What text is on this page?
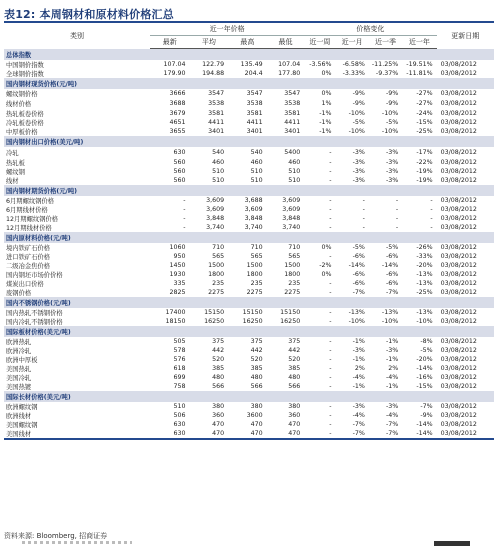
表12: 本周钢材和原材料价格汇总
类别	近一年价格				价格变化				更新日期
	最新	平均	最高	最低	近一周	近一月	近一季	近一年	
总体指数									
中国钢价指数	107.04	122.79	135.49	107.04	-3.56%	-6.58%	-11.25%	-19.51%	03/08/2012
全球钢价指数	179.90	194.88	204.4	177.80	0%	-3.33%	-9.37%	-11.81%	03/08/2012
国内钢材现货价格(元/吨)									
螺纹钢价格	3666	3547	3547	3547	0%	-9%	-9%	-27%	03/08/2012
线材价格	3688	3538	3538	3538	1%	-9%	-9%	-27%	03/08/2012
热轧板卷价格	3679	3581	3581	3581	-1%	-10%	-10%	-24%	03/08/2012
冷轧板卷价格	4651	4411	4411	4411	-1%	-5%	-5%	-15%	03/08/2012
中厚板价格	3655	3401	3401	3401	-1%	-10%	-10%	-25%	03/08/2012
国内钢材出口价格(美元/吨)									
冷轧	630	540	540	5400	-	-3%	-3%	-17%	03/08/2012
热轧板	560	460	460	460	-	-3%	-3%	-22%	03/08/2012
螺纹钢	560	510	510	510	-	-3%	-3%	-19%	03/08/2012
线材	560	510	510	510	-	-3%	-3%	-19%	03/08/2012
国内钢材期货价格(元/吨)									
6月期螺纹钢价格	-	3,609	3,688	3,609	-	-	-	-	03/08/2012
6月期线材价格	-	3,609	3,609	3,609	-	-	-	-	03/08/2012
12月期螺纹钢价格	-	3,848	3,848	3,848	-	-	-	-	03/08/2012
12月期线材价格	-	3,740	3,740	3,740	-	-	-	-	03/08/2012
国内原材料价格(元/吨)									
境内铁矿石价格	1060	710	710	710	0%	-5%	-5%	-26%	03/08/2012
进口铁矿石价格	950	565	565	565	-	-6%	-6%	-33%	03/08/2012
二级冶金焦价格	1450	1500	1500	1500	-2%	-14%	-14%	-20%	03/08/2012
国内钢坯市场价价格	1930	1800	1800	1800	0%	-6%	-6%	-13%	03/08/2012
煤炭出口价格	335	235	235	235	-	-6%	-6%	-13%	03/08/2012
废钢价格	2825	2275	2275	2275	-	-7%	-7%	-25%	03/08/2012
国内不锈钢价格(元/吨)									
国内热轧不锈钢价格	17400	15150	15150	15150	-	-13%	-13%	-13%	03/08/2012
国内冷轧不锈钢价格	18150	16250	16250	16250	-	-10%	-10%	-10%	03/08/2012
国际板材价格(美元/吨)									
欧洲热轧	505	375	375	375	-	-1%	-1%	-8%	03/08/2012
欧洲冷轧	578	442	442	442	-	-3%	-3%	-5%	03/08/2012
欧洲中厚板	576	520	520	520	-	-1%	-1%	-20%	03/08/2012
美国热轧	618	385	385	385	-	2%	2%	-14%	03/08/2012
美国冷轧	699	480	480	480	-	-4%	-4%	-16%	03/08/2012
美国热镀	758	566	566	566	-	-1%	-1%	-15%	03/08/2012
国际长材价格(美元/吨)									
欧洲螺纹钢	510	380	380	380	-	-3%	-3%	-7%	03/08/2012
欧洲线材	506	360	3600	360	-	-4%	-4%	-9%	03/08/2012
美国螺纹钢	630	470	470	470	-	-7%	-7%	-14%	03/08/2012
美国线材	630	470	470	470	-	-7%	-7%	-14%	03/08/2012
资料来源: Bloomberg, 招商证券
